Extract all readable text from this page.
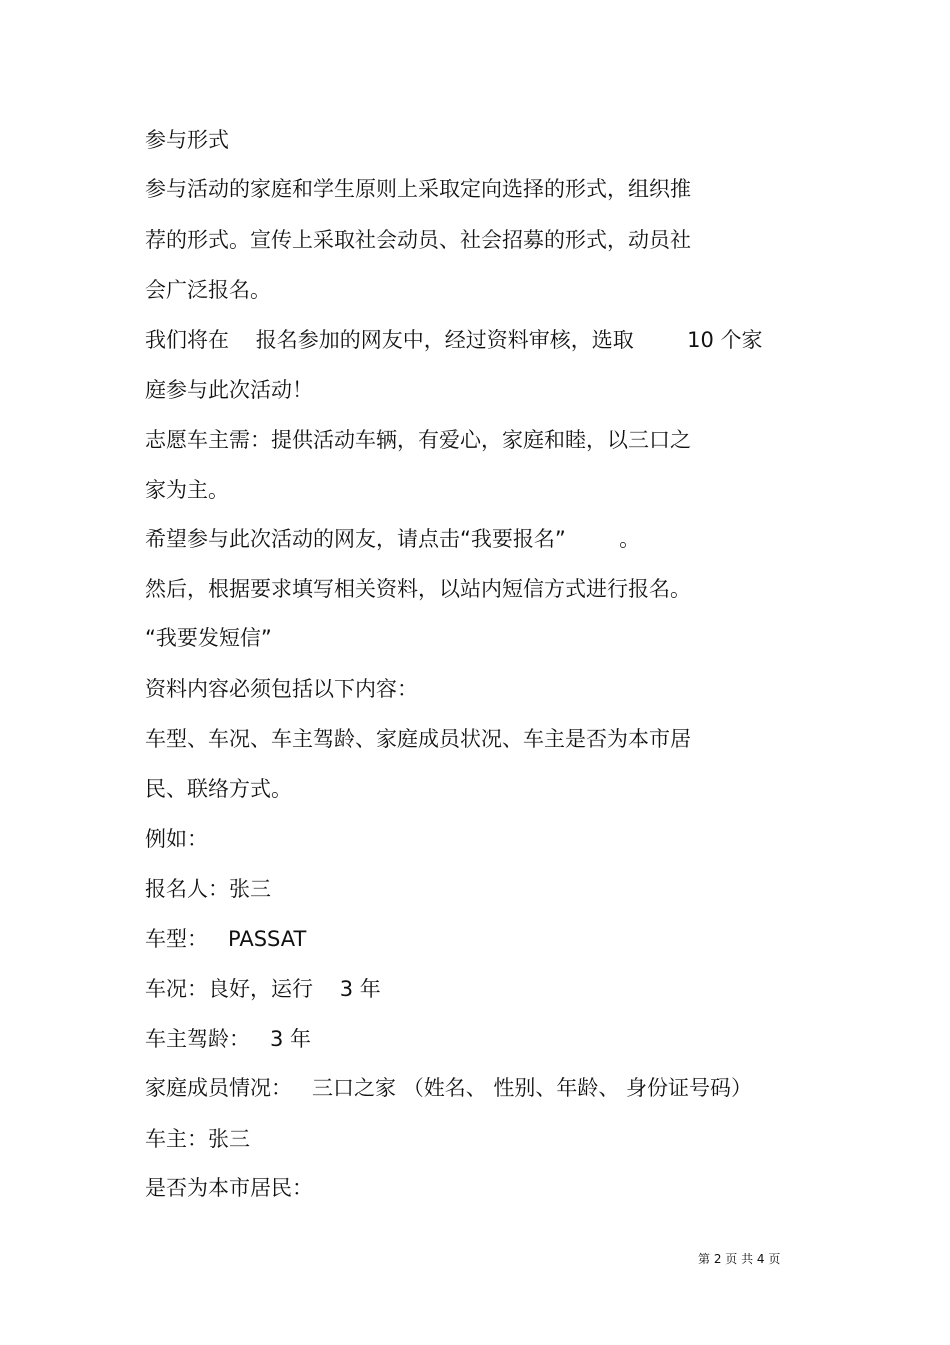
参与形式
参与活动的家庭和学生原则上采取定向选择的形式，组织推
荐的形式。宣传上采取社会动员、社会招募的形式，动员社
会广泛报名。
我们将在    报名参加的网友中，经过资料审核，选取        10 个家
庭参与此次活动！
志愿车主需：提供活动车辆，有爱心，家庭和睦，以三口之
家为主。
希望参与此次活动的网友，请点击“我要报名”        。
然后，根据要求填写相关资料，以站内短信方式进行报名。
“我要发短信”
资料内容必须包括以下内容：
车型、车况、车主驾龄、家庭成员状况、车主是否为本市居
民、联络方式。
例如：
报名人：张三
车型：   PASSAT
车况：良好，运行    3 年
车主驾龄：   3 年
家庭成员情况：   三口之家 （姓名、 性别、年龄、 身份证号码）
车主：张三
是否为本市居民：
第 2 页 共 4 页
